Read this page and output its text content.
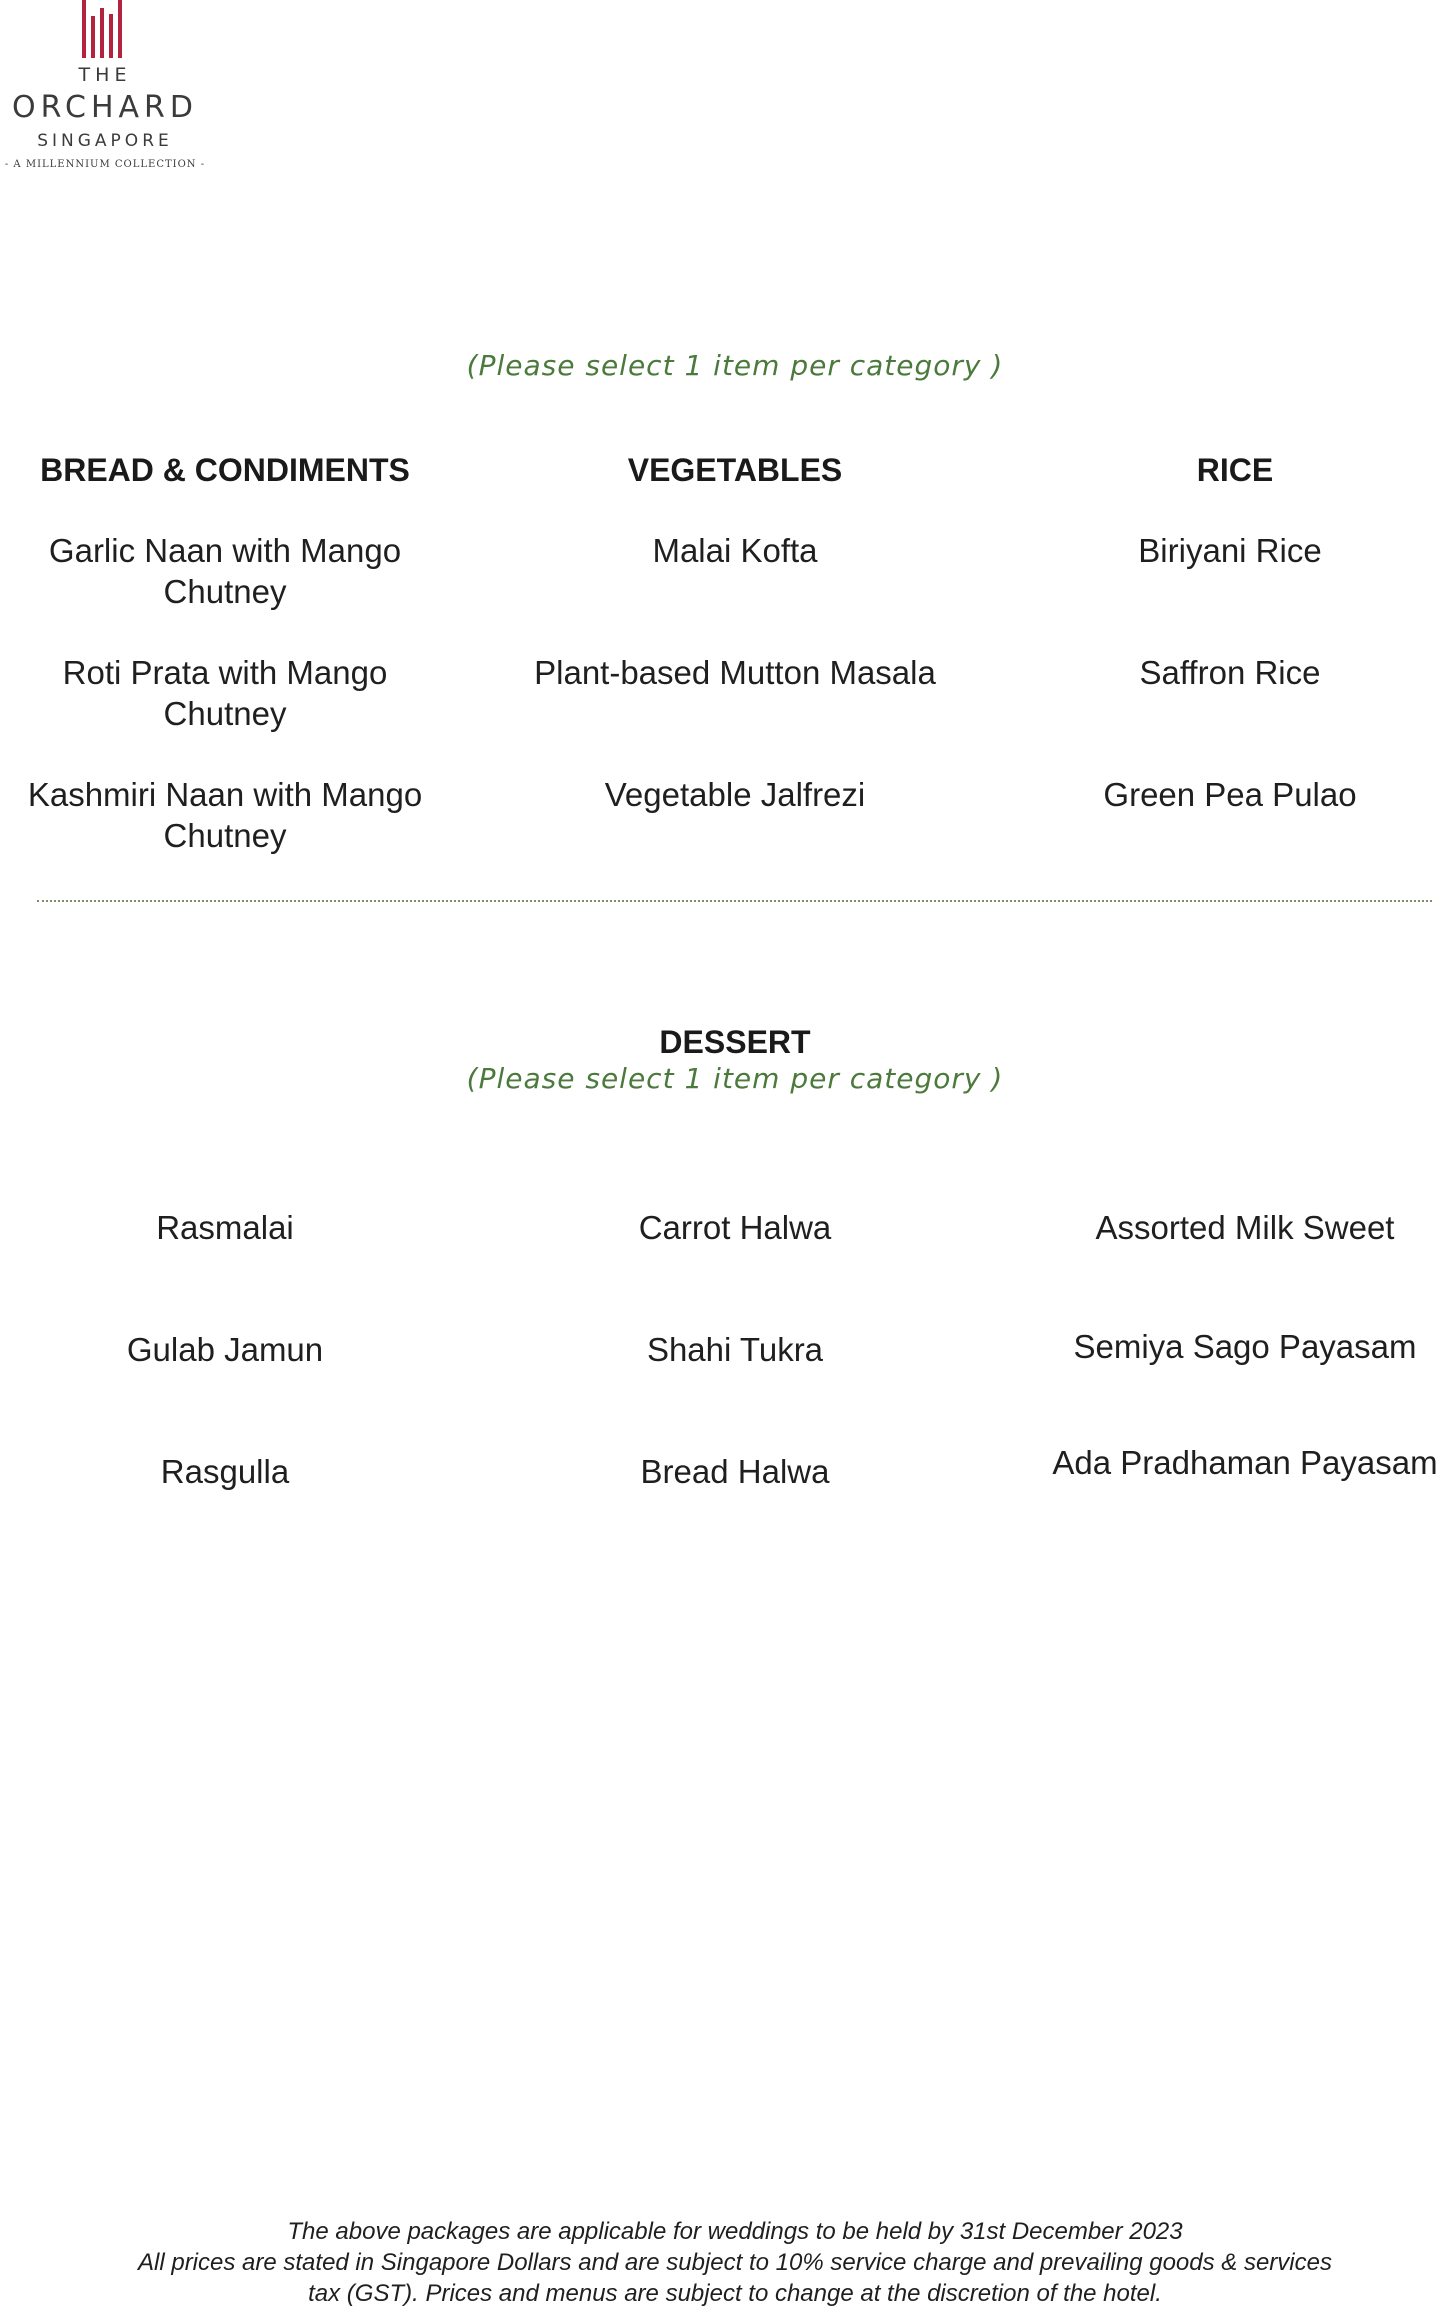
THE
ORCHARD
SINGAPORE
- A MILLENNIUM COLLECTION -
(Please select 1 item per category )
BREAD & CONDIMENTS	VEGETABLES	RICE
Garlic Naan with Mango Chutney
Roti Prata with Mango Chutney
Kashmiri Naan with Mango Chutney
Malai Kofta
Plant-based Mutton Masala
Vegetable Jalfrezi
Biriyani Rice
Saffron Rice
Green Pea Pulao
DESSERT
(Please select 1 item per category )
Rasmalai
Gulab Jamun
Rasgulla
Carrot Halwa
Shahi Tukra
Bread Halwa
Assorted Milk Sweet
Semiya Sago Payasam
Ada Pradhaman Payasam
The above packages are applicable for weddings to be held by 31st December 2023
All prices are stated in Singapore Dollars and are subject to 10% service charge and prevailing goods & services
tax (GST). Prices and menus are subject to change at the discretion of the hotel.
